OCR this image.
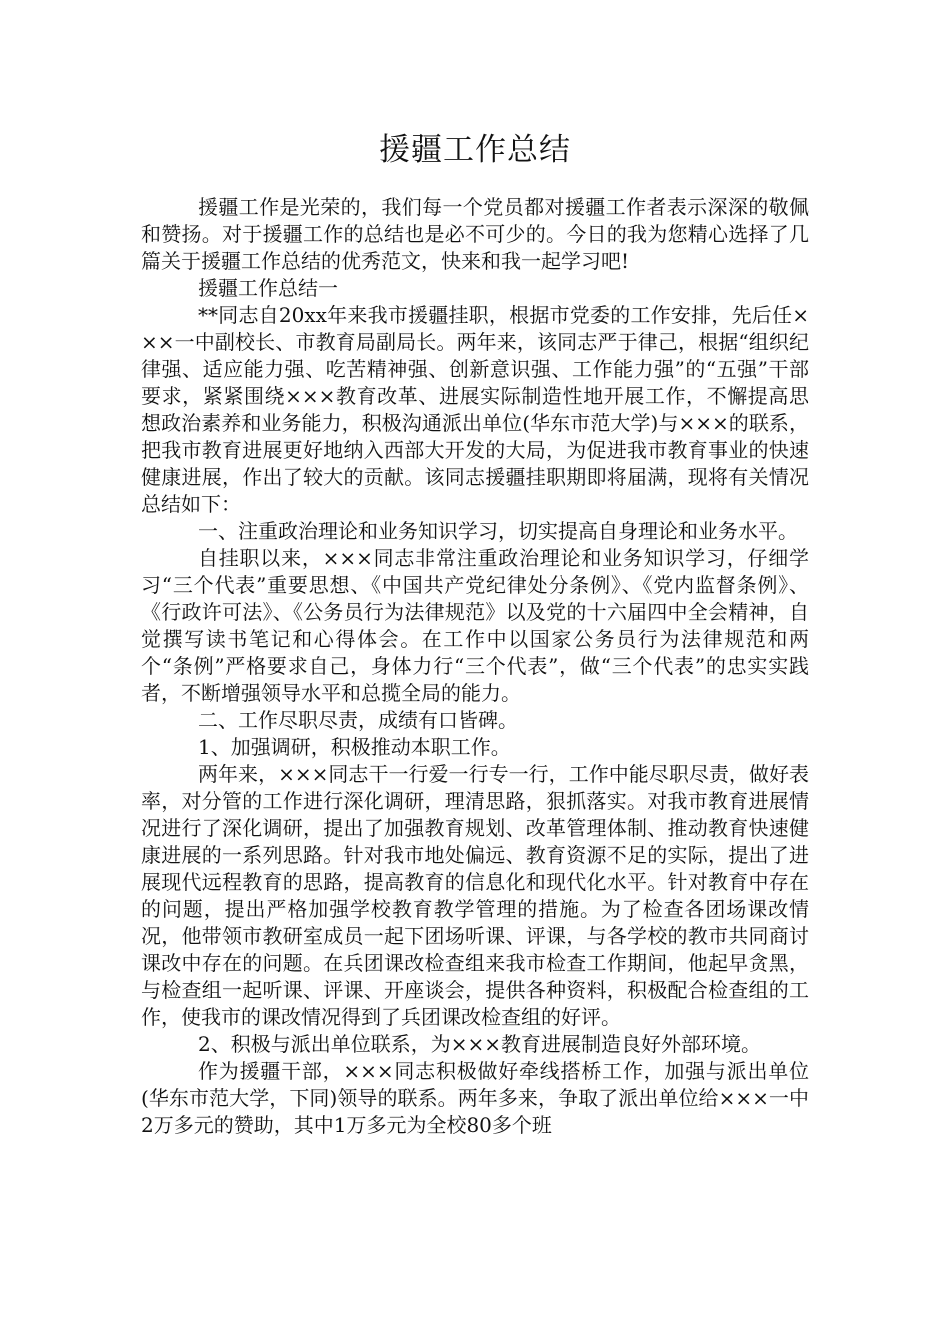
援疆工作总结

援疆工作是光荣的，我们每一个党员都对援疆工作者表示深深的敬佩和赞扬。对于援疆工作的总结也是必不可少的。今日的我为您精心选择了几篇关于援疆工作总结的优秀范文，快来和我一起学习吧!

援疆工作总结一

**同志自20xx年来我市援疆挂职，根据市党委的工作安排，先后任×××一中副校长、市教育局副局长。两年来，该同志严于律己，根据“组织纪律强、适应能力强、吃苦精神强、创新意识强、工作能力强”的“五强”干部要求，紧紧围绕×××教育改革、进展实际制造性地开展工作，不懈提高思想政治素养和业务能力，积极沟通派出单位(华东市范大学)与×××的联系，把我市教育进展更好地纳入西部大开发的大局，为促进我市教育事业的快速健康进展，作出了较大的贡献。该同志援疆挂职期即将届满，现将有关情况总结如下：

一、注重政治理论和业务知识学习，切实提高自身理论和业务水平。

自挂职以来，×××同志非常注重政治理论和业务知识学习，仔细学习“三个代表”重要思想、《中国共产党纪律处分条例》、《党内监督条例》、《行政许可法》、《公务员行为法律规范》以及党的十六届四中全会精神，自觉撰写读书笔记和心得体会。在工作中以国家公务员行为法律规范和两个“条例”严格要求自己，身体力行“三个代表”，做“三个代表”的忠实实践者，不断增强领导水平和总揽全局的能力。

二、工作尽职尽责，成绩有口皆碑。

1、加强调研，积极推动本职工作。

两年来，×××同志干一行爱一行专一行，工作中能尽职尽责，做好表率，对分管的工作进行深化调研，理清思路，狠抓落实。对我市教育进展情况进行了深化调研，提出了加强教育规划、改革管理体制、推动教育快速健康进展的一系列思路。针对我市地处偏远、教育资源不足的实际，提出了进展现代远程教育的思路，提高教育的信息化和现代化水平。针对教育中存在的问题，提出严格加强学校教育教学管理的措施。为了检查各团场课改情况，他带领市教研室成员一起下团场听课、评课，与各学校的教市共同商讨课改中存在的问题。在兵团课改检查组来我市检查工作期间，他起早贪黑，与检查组一起听课、评课、开座谈会，提供各种资料，积极配合检查组的工作，使我市的课改情况得到了兵团课改检查组的好评。

2、积极与派出单位联系，为×××教育进展制造良好外部环境。

作为援疆干部，×××同志积极做好牵线搭桥工作，加强与派出单位(华东市范大学，下同)领导的联系。两年多来，争取了派出单位给×××一中2万多元的赞助，其中1万多元为全校80多个班
